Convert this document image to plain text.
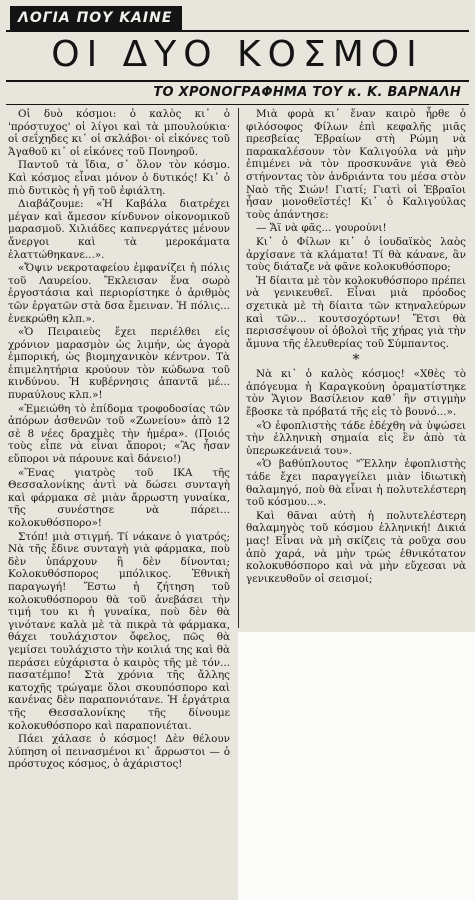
ΛΟΓΙΑ ΠΟΥ ΚΑΙΝΕ
ΟΙ ΔΥΟ ΚΟΣΜΟΙ
ΤΟ ΧΡΟΝΟΓΡΑΦΗΜΑ ΤΟΥ κ. Κ. ΒΑΡΝΑΛΗ

Οἱ δυὸ κόσμοι: ὁ καλὸς κι᾿ ὁ 'πρόστυχος' οἱ λίγοι καὶ τὰ μπουλούκια· οἱ σεΐχηδες κι᾿ οἱ σκλάβοι· οἱ εἰκόνες τοῦ Ἀγαθοῦ κι᾿ οἱ εἰκόνες τοῦ Πονηροῦ.

Παντοῦ τὰ ἴδια, σ᾿ ὅλον τὸν κόσμο. Καὶ κόσμος εἶναι μόνον ὁ δυτικός! Κι᾿ ὁ πιὸ δυτικὸς ἡ γῆ τοῦ ἐφιάλτη.

Διαβάζουμε: «Ἡ Καβάλα διατρέχει μέγαν καὶ ἄμεσον κίνδυνον οἰκονομικοῦ μαρασμοῦ. Χιλιάδες καπνεργάτες μένουν ἄνεργοι καὶ τὰ μεροκάματα ἐλαττώθηκανε...».

«Ὄψιν νεκροταφείου ἐμφανίζει ἡ πόλις τοῦ Λαυρείου. Ἔκλεισαν ἕνα σωρὸ ἐργοστάσια καὶ περιορίστηκε ὁ ἀριθμὸς τῶν ἐργατῶν στὰ δσα ἔμειναν. Ἡ πόλις... ἐνεκρώθη κλπ.».

«Ὁ Πειραιεὺς ἔχει περιέλθει εἰς χρόνιον μαρασμὸν ὡς λιμήν, ὡς ἀγορὰ ἐμπορική, ὡς βιομηχανικὸν κέντρον. Τὰ ἐπιμελητήρια κρούουν τὸν κώδωνα τοῦ κινδύνου. Ἡ κυβέρνησις ἀπαντᾶ μέ... πυραύλους κλπ.»!

«Ἐμειώθη τὸ ἐπίδομα τροφοδοσίας τῶν ἀπόρων ἀσθενῶν τοῦ «Ζωνείου» ἀπὸ 12 σὲ 8 νέες δραχμὲς τὴν ἡμέρα». (Ποιός τοὺς εἶπε νὰ εἶναι ἄποροι; «Ἂς ἦσαν εὔποροι νὰ πάρουνε καὶ δάνειο!)

«Ἕνας γιατρὸς τοῦ ΙΚΑ τῆς Θεσσαλονίκης ἀντὶ νὰ δώσει συνταγὴ καὶ φάρμακα σὲ μιὰν ἄρρωστη γυναίκα, τῆς συνέστησε νὰ πάρει... κολοκυθόσπορο»!

Στόπ! μιὰ στιγμή. Τί νάκανε ὁ γιατρός; Νὰ τῆς ἔδινε συνταγὴ γιὰ φάρμακα, ποὺ δὲν ὑπάρχουν ἢ δὲν δίνονται; Κολοκυθόσπορος μπόλικος. Ἐθνικὴ παραγωγή! Ἔστω ἡ ζήτηση τοῦ κολοκυθόσπορου θὰ τοῦ ἀνεβάσει τὴν τιμή του κι ἡ γυναίκα, ποὺ δὲν θὰ γινότανε καλὰ μὲ τὰ πικρὰ τὰ φάρμακα, θάχει τουλάχιστον ὄφελος, πῶς θὰ γεμίσει τουλάχιστο τὴν κοιλιά της καὶ θὰ περάσει εὐχάριστα ὁ καιρὸς τῆς μὲ τόν... πασατέμπο! Στὰ χρόνια τῆς ἄλλης κατοχῆς τρώγαμε ὅλοι σκουπόσπορο καὶ κανένας δὲν παραπονιότανε. Ἡ ἐργάτρια τῆς Θεσσαλονίκης τῆς δίνουμε κολοκυθόσπορο καὶ παραπονιέται.

Πάει χάλασε ὁ κόσμος! Δὲν θέλουν λύπηση οἱ πεινασμένοι κι᾿ ἄρρωστοι — ὁ πρόστυχος κόσμος, ὁ ἀχάριστος!

Μιὰ φορὰ κι᾿ ἕναν καιρὸ ἦρθε ὁ φιλόσοφος Φίλων ἐπὶ κεφαλῆς μιᾶς πρεσβείας Ἑβραίων στὴ Ρώμη νὰ παρακαλέσουν τὸν Καλιγούλα νὰ μὴν ἐπιμένει νὰ τὸν προσκυνᾶνε γιὰ Θεὸ στήνοντας τὸν ἀνδριάντα του μέσα στὸν Ναὸ τῆς Σιών! Γιατί; Γιατὶ οἱ Ἑβραῖοι ἦσαν μονοθεϊστές! Κι᾿ ὁ Καλιγούλας τοὺς ἀπάντησε:

— Ἄϊ νὰ φᾶς... γουρούνι!

Κι᾿ ὁ Φίλων κι᾿ ὁ ἰουδαϊκὸς λαὸς ἀρχίσανε τὰ κλάματα! Τί θὰ κάνανε, ἂν τοὺς διάταζε νὰ φᾶνε κολοκυθόσπορο;

Ἡ δίαιτα μὲ τὸν κολοκυθόσπορο πρέπει νὰ γενικευθεῖ. Εἶναι μιὰ πρόοδος σχετικὰ μὲ τὴ δίαιτα τῶν κτηναλεύρων καὶ τῶν... κουτσοχόρτων! Ἔτσι θὰ περισσέψουν οἱ ὀβολοὶ τῆς χήρας γιὰ τὴν ἄμυνα τῆς ἐλευθερίας τοῦ Σύμπαντος.

*

Νὰ κι᾿ ὁ καλὸς κόσμος! «Χθὲς τὸ ἀπόγευμα ἡ Καραγκούνη ὁραματίστηκε τὸν Ἅγιον Βασίλειον καθ᾿ ἣν στιγμὴν ἔβοσκε τὰ πρόβατά τῆς εἰς τὸ βουνό...».

«Ὁ ἐφοπλιστὴς τάδε ἐδέχθη νὰ ὑψώσει τὴν ἑλληνικὴ σημαία εἰς ἓν ἀπὸ τὰ ὑπερωκεάνειά του».

«Ὁ βαθύπλουτος "Ἕλλην ἐφοπλιστὴς τάδε ἔχει παραγγείλει μιὰν ἰδιωτικὴ θαλαμηγό, ποὺ θὰ εἶναι ἡ πολυτελέστερη τοῦ κόσμου...».

Καὶ θᾶναι αὐτὴ ἡ πολυτελέστερη θαλαμηγὸς τοῦ κόσμου ἑλληνική! Δικιά μας! Εἶναι νὰ μὴ σκίζεις τὰ ροῦχα σου ἀπὸ χαρά, νὰ μὴν τρώς ἐθνικότατον κολοκυθόσπορο καὶ νὰ μὴν εὔχεσαι νὰ γενικευθοῦν οἱ σεισμοί;
